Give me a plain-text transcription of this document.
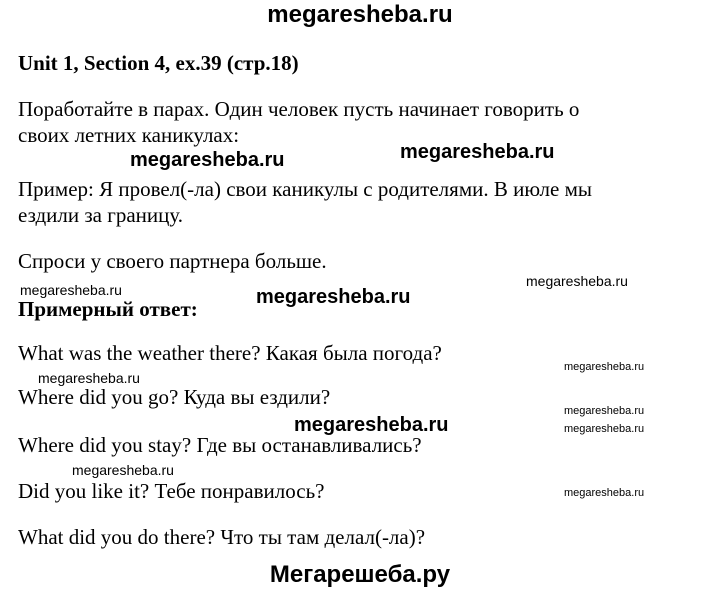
megaresheba.ru
Unit 1, Section 4, ex.39 (стр.18)
Поработайте в парах. Один человек пусть начинает говорить о
своих летних каникулах:
megaresheba.ru	megaresheba.ru
Пример: Я провел(-ла) свои каникулы с родителями. В июле мы
ездили за границу.
Спроси у своего партнера больше.
megaresheba.ru
megaresheba.ru	megaresheba.ru
Примерный ответ:
What was the weather there? Какая была погода?
megaresheba.ru
megaresheba.ru
Where did you go? Куда вы ездили?
megaresheba.ru
megaresheba.ru	megaresheba.ru
Where did you stay? Где вы останавливались?
megaresheba.ru
Did you like it? Тебе понравилось?	megaresheba.ru
What did you do there? Что ты там делал(-ла)?
Мегарешеба.ру
